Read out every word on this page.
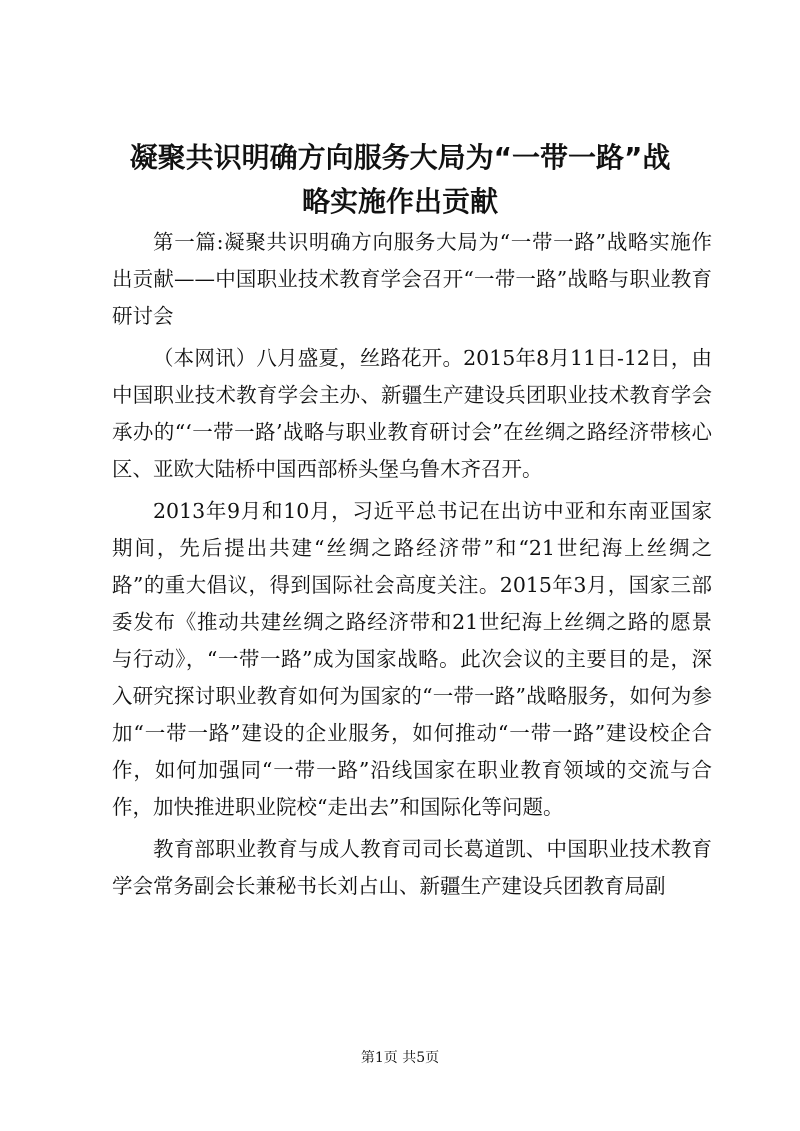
凝聚共识明确方向服务大局为“一带一路”战
略实施作出贡献

第一篇:凝聚共识明确方向服务大局为“一带一路”战略实施作出贡献——中国职业技术教育学会召开“一带一路”战略与职业教育研讨会

（本网讯）八月盛夏，丝路花开。2015年8月11日-12日，由中国职业技术教育学会主办、新疆生产建设兵团职业技术教育学会承办的“‘一带一路’战略与职业教育研讨会”在丝绸之路经济带核心区、亚欧大陆桥中国西部桥头堡乌鲁木齐召开。

2013年9月和10月，习近平总书记在出访中亚和东南亚国家期间，先后提出共建“丝绸之路经济带”和“21世纪海上丝绸之路”的重大倡议，得到国际社会高度关注。2015年3月，国家三部委发布《推动共建丝绸之路经济带和21世纪海上丝绸之路的愿景与行动》，“一带一路”成为国家战略。此次会议的主要目的是，深入研究探讨职业教育如何为国家的“一带一路”战略服务，如何为参加“一带一路”建设的企业服务，如何推动“一带一路”建设校企合作，如何加强同“一带一路”沿线国家在职业教育领域的交流与合作，加快推进职业院校“走出去”和国际化等问题。

教育部职业教育与成人教育司司长葛道凯、中国职业技术教育学会常务副会长兼秘书长刘占山、新疆生产建设兵团教育局副

第1页 共5页
